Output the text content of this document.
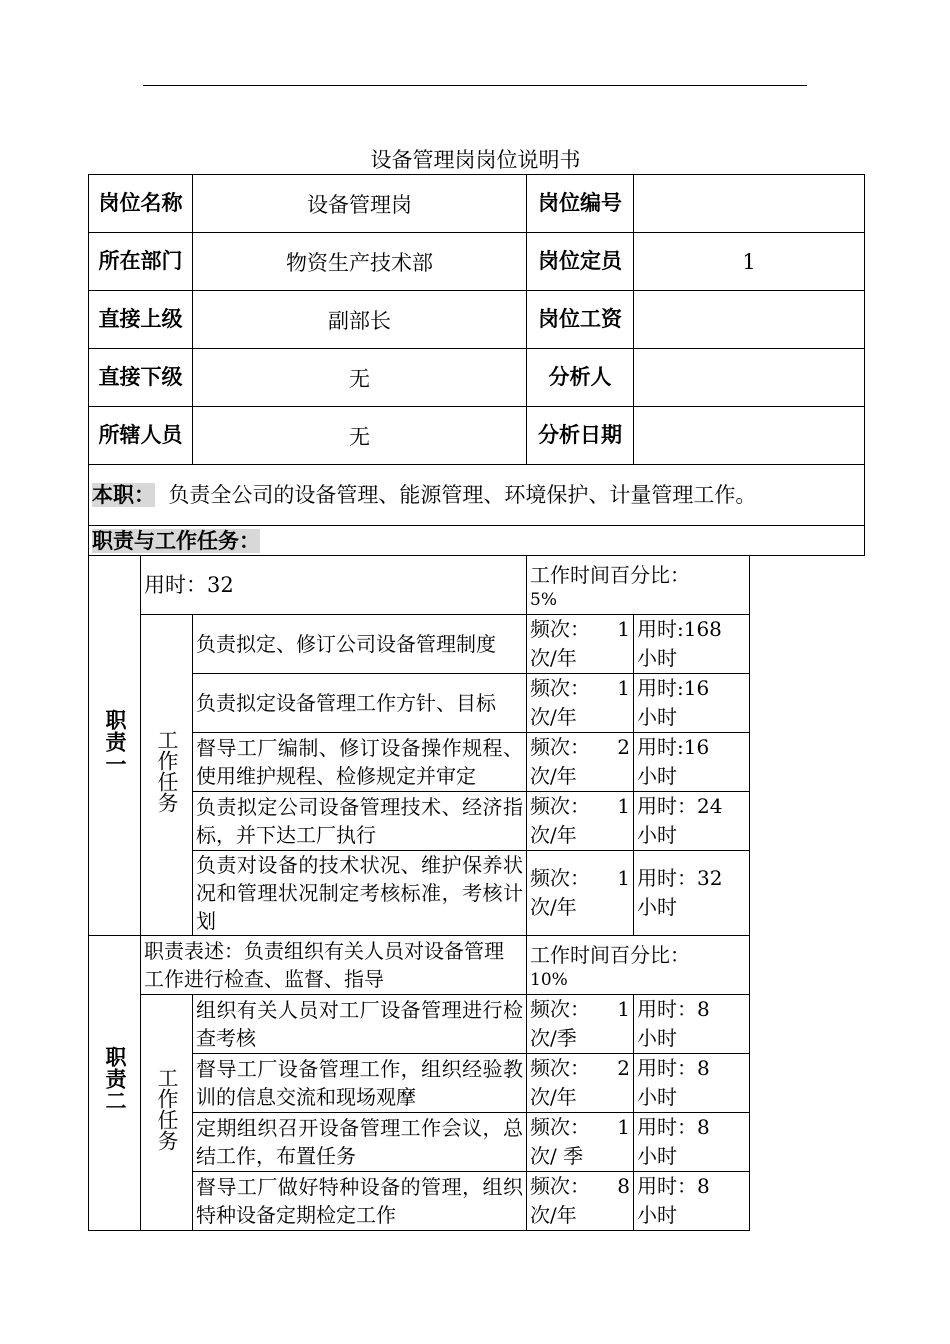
设备管理岗岗位说明书
岗位名称		设备管理岗	岗位编号	
所在部门		物资生产技术部	岗位定员	1
直接上级		副部长	岗位工资	
直接下级		无	分析人	
所辖人员		无	分析日期	
本职： 负责全公司的设备管理、能源管理、环境保护、计量管理工作。				
职责与工作任务：				
职责一	用时：32		工作时间百分比：
5%	

	工作任务	负责拟定、修订公司设备管理制度	频次： 1
次/年	用时:168
小时

		负责拟定设备管理工作方针、目标	频次： 1
次/年	用时:16
小时

		督导工厂编制、修订设备操作规程、使用维护规程、检修规定并审定	频次： 2
次/年	用时:16
小时

		负责拟定公司设备管理技术、经济指标，并下达工厂执行	频次： 1
次/年	用时：24
小时

		负责对设备的技术状况、维护保养状况和管理状况制定考核标准，考核计划	频次： 1
次/年	用时：32
小时

职责二	职责表述：负责组织有关人员对设备管理工作进行检查、监督、指导		工作时间百分比：
10%	

	工作任务	组织有关人员对工厂设备管理进行检查考核	频次： 1
次/季	用时：8
小时

		督导工厂设备管理工作，组织经验教训的信息交流和现场观摩	频次： 2
次/年	用时：8
小时

		定期组织召开设备管理工作会议，总结工作，布置任务	频次： 1
次/ 季	用时：8
小时

		督导工厂做好特种设备的管理，组织特种设备定期检定工作	频次： 8
次/年	用时：8
小时
